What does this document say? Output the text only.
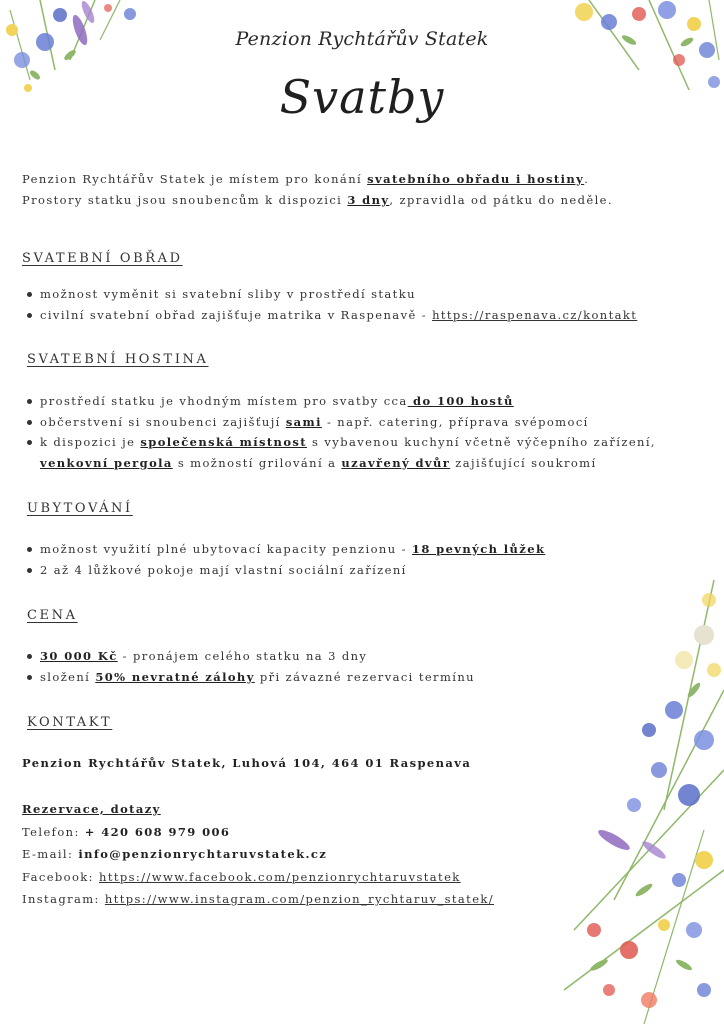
Penzion Rychtářův Statek
Svatby
Penzion Rychtářův Statek je místem pro konání svatebního obřadu i hostiny.
Prostory statku jsou snoubencům k dispozici 3 dny, zpravidla od pátku do neděle.
SVATEBNÍ OBŘAD
možnost vyměnit si svatební sliby v prostředí statku
civilní svatební obřad zajišťuje matrika v Raspenavě - https://raspenava.cz/kontakt
SVATEBNÍ HOSTINA
prostředí statku je vhodným místem pro svatby cca do 100 hostů
občerstvení si snoubenci zajišťují sami - např. catering, příprava svépomocí
k dispozici je společenská místnost s vybavenou kuchyní včetně výčepního zařízení,
venkovní pergola s možností grilování a uzavřený dvůr zajišťující soukromí
UBYTOVÁNÍ
možnost využití plné ubytovací kapacity penzionu - 18 pevných lůžek
2 až 4 lůžkové pokoje mají vlastní sociální zařízení
CENA
30 000 Kč - pronájem celého statku na 3 dny
složení 50% nevratné zálohy při závazné rezervaci termínu
KONTAKT
Penzion Rychtářův Statek, Luhová 104, 464 01 Raspenava
Rezervace, dotazy
Telefon: + 420 608 979 006
E-mail: info@penzionrychtaruvstatek.cz
Facebook: https://www.facebook.com/penzionrychtaruvstatek
Instagram: https://www.instagram.com/penzion_rychtaruv_statek/
